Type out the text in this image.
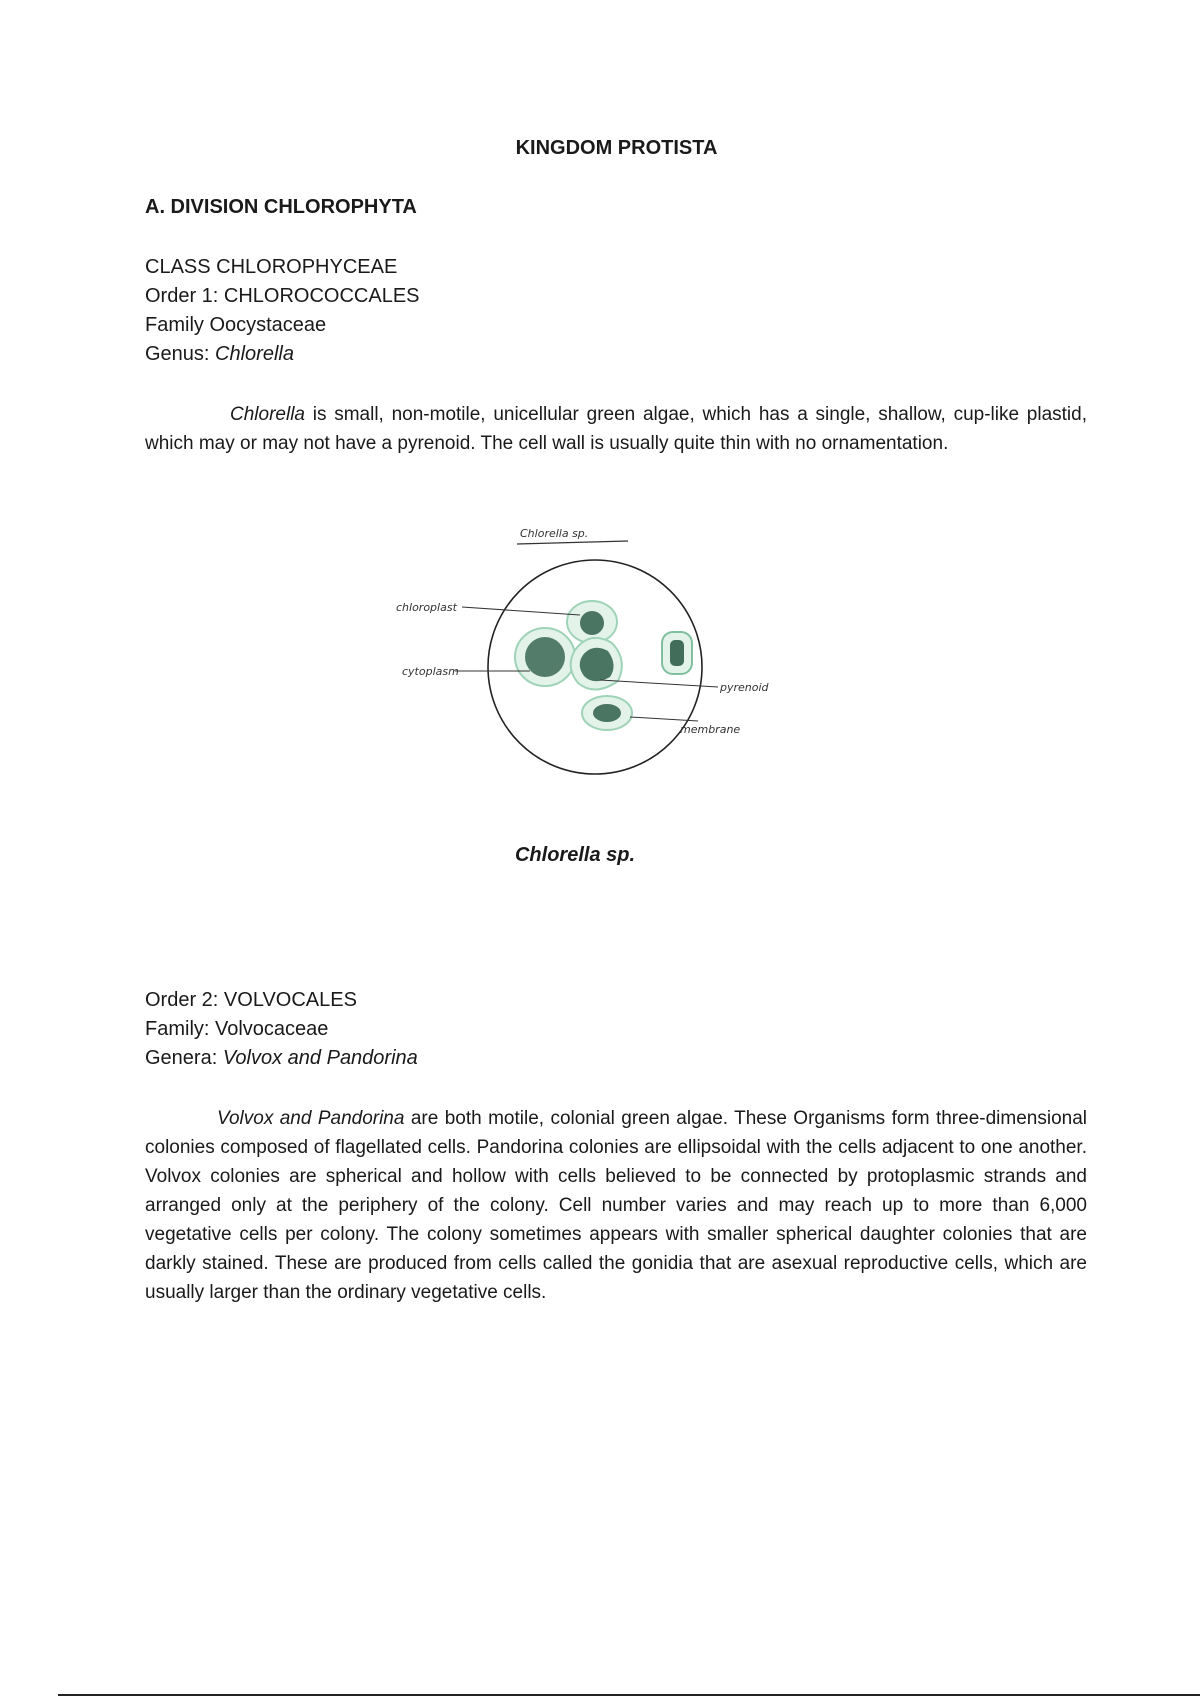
KINGDOM PROTISTA
A. DIVISION CHLOROPHYTA
CLASS CHLOROPHYCEAE
Order 1: CHLOROCOCCALES
Family Oocystaceae
Genus: Chlorella

Chlorella is small, non-motile, unicellular green algae, which has a single, shallow, cup-like plastid, which may or may not have a pyrenoid. The cell wall is usually quite thin with no ornamentation.

Chlorella sp.
chloroplast
cytoplasm
pyrenoid
membrane
Chlorella sp.
Order 2: VOLVOCALES
Family: Volvocaceae
Genera: Volvox and Pandorina

Volvox and Pandorina are both motile, colonial green algae. These Organisms form three-dimensional colonies composed of flagellated cells. Pandorina colonies are ellipsoidal with the cells adjacent to one another. Volvox colonies are spherical and hollow with cells believed to be connected by protoplasmic strands and arranged only at the periphery of the colony. Cell number varies and may reach up to more than 6,000 vegetative cells per colony. The colony sometimes appears with smaller spherical daughter colonies that are darkly stained. These are produced from cells called the gonidia that are asexual reproductive cells, which are usually larger than the ordinary vegetative cells.
